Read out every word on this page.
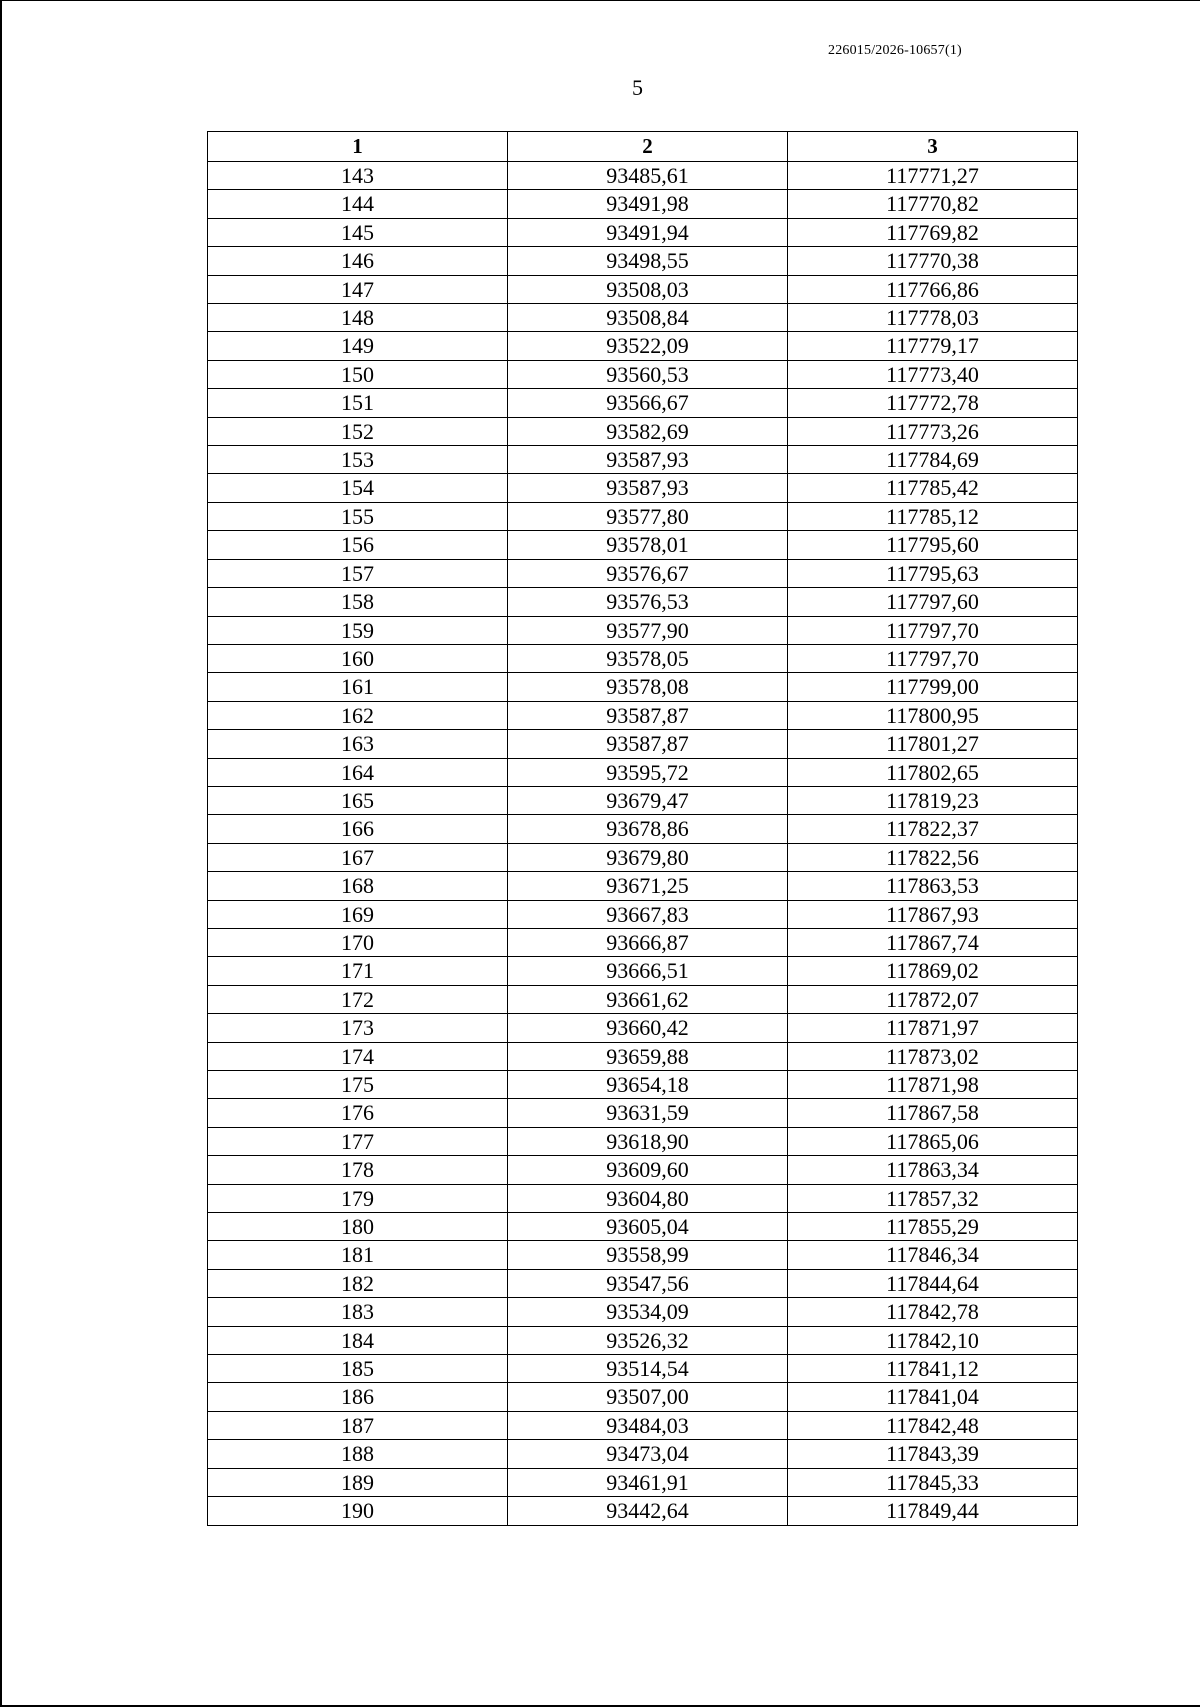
226015/2026-10657(1)
5
1	2	3
143	93485,61	117771,27
144	93491,98	117770,82
145	93491,94	117769,82
146	93498,55	117770,38
147	93508,03	117766,86
148	93508,84	117778,03
149	93522,09	117779,17
150	93560,53	117773,40
151	93566,67	117772,78
152	93582,69	117773,26
153	93587,93	117784,69
154	93587,93	117785,42
155	93577,80	117785,12
156	93578,01	117795,60
157	93576,67	117795,63
158	93576,53	117797,60
159	93577,90	117797,70
160	93578,05	117797,70
161	93578,08	117799,00
162	93587,87	117800,95
163	93587,87	117801,27
164	93595,72	117802,65
165	93679,47	117819,23
166	93678,86	117822,37
167	93679,80	117822,56
168	93671,25	117863,53
169	93667,83	117867,93
170	93666,87	117867,74
171	93666,51	117869,02
172	93661,62	117872,07
173	93660,42	117871,97
174	93659,88	117873,02
175	93654,18	117871,98
176	93631,59	117867,58
177	93618,90	117865,06
178	93609,60	117863,34
179	93604,80	117857,32
180	93605,04	117855,29
181	93558,99	117846,34
182	93547,56	117844,64
183	93534,09	117842,78
184	93526,32	117842,10
185	93514,54	117841,12
186	93507,00	117841,04
187	93484,03	117842,48
188	93473,04	117843,39
189	93461,91	117845,33
190	93442,64	117849,44
